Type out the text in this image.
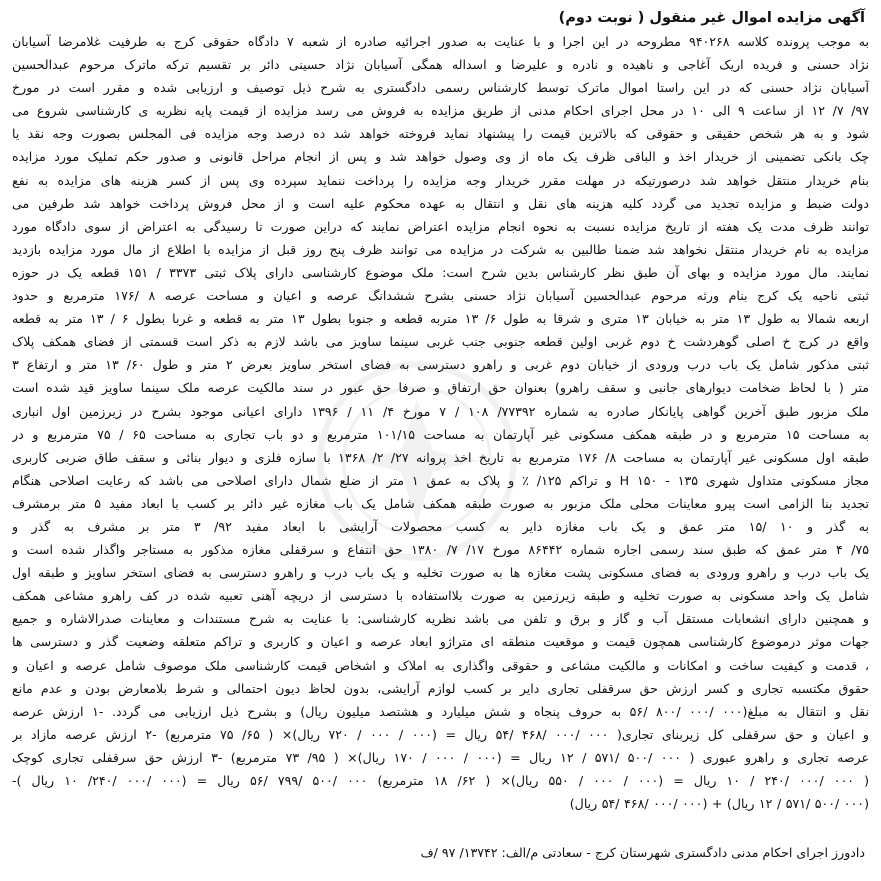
آگهی مزایده اموال غیر منقول ( نوبت دوم)
به موجب پرونده کلاسه ۹۴۰۲۶۸ مطروحه در این اجرا و با عنایت به صدور اجرائیه صادره از شعبه ۷ دادگاه حقوقی کرج به طرفیت غلامرضا آسیابان
نژاد حسنی و فریده اریک آغاجی و ناهیده و نادره و علیرضا و اسداله همگی آسیابان نژاد حسینی دائر بر تقسیم ترکه ماترک مرحوم عبدالحسین
آسیابان نژاد حسنی که در این راستا اموال ماترک توسط کارشناس رسمی دادگستری به شرح ذیل توصیف و ارزیابی شده و مقرر است در مورخ
۹۷/ ۷/ ۱۲ از ساعت ۹ الی ۱۰ در محل اجرای احکام مدنی از طریق مزایده به فروش می رسد مزایده از قیمت پایه نظریه ی کارشناسی شروع می
شود و به هر شخص حقیقی و حقوقی که بالاترین قیمت را پیشنهاد نماید فروخته خواهد شد ده درصد وجه مزایده فی المجلس بصورت وجه نقد یا
چک بانکی تضمینی از خریدار اخذ و الباقی ظرف یک ماه از وی وصول خواهد شد و پس از انجام مراحل قانونی و صدور حکم تملیک مورد مزایده
بنام خریدار منتقل خواهد شد درصورتیکه در مهلت مقرر خریدار وجه مزایده را پرداخت ننماید سپرده وی پس از کسر هزینه های مزایده به نفع
دولت ضبط و مزایده تجدید می گردد کلیه هزینه های نقل و انتقال به عهده محکوم علیه است و از محل فروش پرداخت خواهد شد طرفین می
توانند ظرف مدت یک هفته از تاریخ مزایده نسبت به نحوه انجام مزایده اعتراض نمایند که دراین صورت تا رسیدگی به اعتراض از سوی دادگاه مورد
مزایده به نام خریدار منتقل نخواهد شد ضمنا طالبین به شرکت در مزایده می توانند ظرف پنج روز قبل از مزایده با اطلاع از مال مورد مزایده بازدید
نمایند. مال مورد مزایده و بهای آن طبق نظر کارشناس بدین شرح است: ملک موضوع کارشناسی دارای پلاک ثبتی ۳۳۷۳ / ۱۵۱ قطعه یک در حوزه
ثبتی ناحیه یک کرج بنام ورثه مرحوم عبدالحسین آسیابان نژاد حسنی بشرح ششدانگ عرصه و اعیان و مساحت عرصه ۸ /۱۷۶ مترمربع و حدود
اربعه شمالا به طول ۱۳ متر به خیابان ۱۳ متری و شرقا به طول ۶/ ۱۳ متربه قطعه و جنوبا بطول ۱۳ متر به قطعه و غربا بطول ۶ / ۱۳ متر به قطعه
واقع در کرج خ اصلی گوهردشت خ دوم غربی اولین قطعه جنوبی جنب غربی سینما ساویز می باشد لازم به ذکر است قسمتی از فضای همکف پلاک
ثبتی مذکور شامل یک باب درب ورودی از خیابان دوم غربی و راهرو دسترسی به فضای استخر ساویز بعرض ۲ متر و طول ۶۰/ ۱۳ متر و ارتفاع ۳
متر ( با لحاظ ضخامت دیوارهای جانبی و سقف راهرو) بعنوان حق ارتفاق و صرفا حق عبور در سند مالکیت عرصه ملک سینما ساویز قید شده است
ملک مزبور طبق آخرین گواهی پایانکار صادره به شماره ۷۷۳۹۲/ ۱۰۸ / ۷ مورخ ۴/ ۱۱ / ۱۳۹۶ دارای اعیانی موجود بشرح در زیرزمین اول انباری
به مساحت ۱۵ مترمربع و در طبقه همکف مسکونی غیر آپارتمان به مساحت ۱۰۱/۱۵ مترمربع و دو باب تجاری به مساحت ۶۵ / ۷۵ مترمربع و در
طبقه اول مسکونی غیر آپارتمان به مساحت ۸/ ۱۷۶ مترمربع به تاریخ اخذ پروانه ۲۷/ ۲/ ۱۳۶۸ با سازه فلزی و دیوار بنائی و سقف طاق ضربی کاربری
مجاز مسکونی متداول شهری ۱۳۵ - ۱۵۰ H و تراکم ۱۲۵/ ٪ و پلاک به عمق ۱ متر از ضلع شمال دارای اصلاحی می باشد که رعایت اصلاحی هنگام
تجدید بنا الزامی است پیرو معاینات محلی ملک مزبور به صورت طبقه همکف شامل یک باب مغازه غیر دائر بر کسب با ابعاد مفید ۵ متر برمشرف
به گذر و ۱۰ /۱۵ متر عمق و یک باب مغازه دایر به کسب محصولات آرایشی با ابعاد مفید ۹۲/ ۳ متر بر مشرف به گذر و
۷۵/ ۴ متر عمق که طبق سند رسمی اجاره شماره ۸۶۴۴۲ مورخ ۱۷/ ۷/ ۱۳۸۰ حق انتفاع و سرقفلی مغازه مذکور به مستاجر واگذار شده است و
یک باب درب و راهرو ورودی به فضای مسکونی پشت مغازه ها به صورت تخلیه و یک باب درب و راهرو دسترسی به فضای استخر ساویز و طبقه اول
شامل یک واحد مسکونی به صورت تخلیه و طبقه زیرزمین به صورت بلااستفاده با دسترسی از دریچه آهنی تعبیه شده در کف راهرو مشاعی همکف
و همچنین دارای انشعابات مستقل آب و گاز و برق و تلفن می باشد نظریه کارشناسی: با عنایت به شرح مستندات و معاینات صدرالاشاره و جمیع
جهات موثر درموضوع کارشناسی همچون قیمت و موقعیت منطقه ای متراژو ابعاد عرصه و اعیان و کاربری و تراکم متعلقه وضعیت گذر و دسترسی ها
، قدمت و کیفیت ساخت و امکانات و مالکیت مشاعی و حقوقی واگذاری به املاک و اشخاص قیمت کارشناسی ملک موصوف شامل عرصه و اعیان و
حقوق مکتسبه تجاری و کسر ارزش حق سرقفلی تجاری دایر بر کسب لوازم آرایشی، بدون لحاظ دیون احتمالی و شرط بلامعارض بودن و عدم مانع
نقل و انتقال به مبلغ(۰۰۰ /۰۰۰ /۸۰۰ /۵۶ به حروف پنجاه و شش میلیارد و هشتصد میلیون ریال) و بشرح ذیل ارزیابی می گردد. -۱ ارزش عرصه
و اعیان و حق سرقفلی کل زیربنای تجاری( ۰۰۰ /۰۰۰ /۴۶۸ /۵۴ ریال = (۰۰۰ / ۰۰۰ / ۷۲۰ ریال)× ( ۶۵/ ۷۵ مترمربع) -۲ ارزش عرصه مازاد بر
عرصه تجاری و راهرو عبوری ( ۰۰۰ /۵۰۰ /۵۷۱ / ۱۲ ریال = (۰۰۰ / ۰۰۰ / ۱۷۰ ریال)× ( ۹۵/ ۷۳ مترمربع) -۳ ارزش حق سرقفلی تجاری کوچک
( ۰۰۰ /۰۰۰ /۲۴۰ / ۱۰ ریال = (۰۰۰ / ۰۰۰ / ۵۵۰ ریال)× ( ۶۲/ ۱۸ مترمربع) ۰۰۰ /۵۰۰ /۷۹۹ /۵۶ ریال = (۰۰۰ /۰۰۰ /۲۴۰/ ۱۰ ریال )-
(۰۰۰ /۵۰۰ /۵۷۱ / ۱۲ ریال) + (۰۰۰ /۰۰۰ /۴۶۸ /۵۴ ریال)
دادورز اجرای احکام مدنی دادگستری شهرستان کرج - سعادتی م/الف: ۱۳۷۴۲/ ۹۷ /ف
